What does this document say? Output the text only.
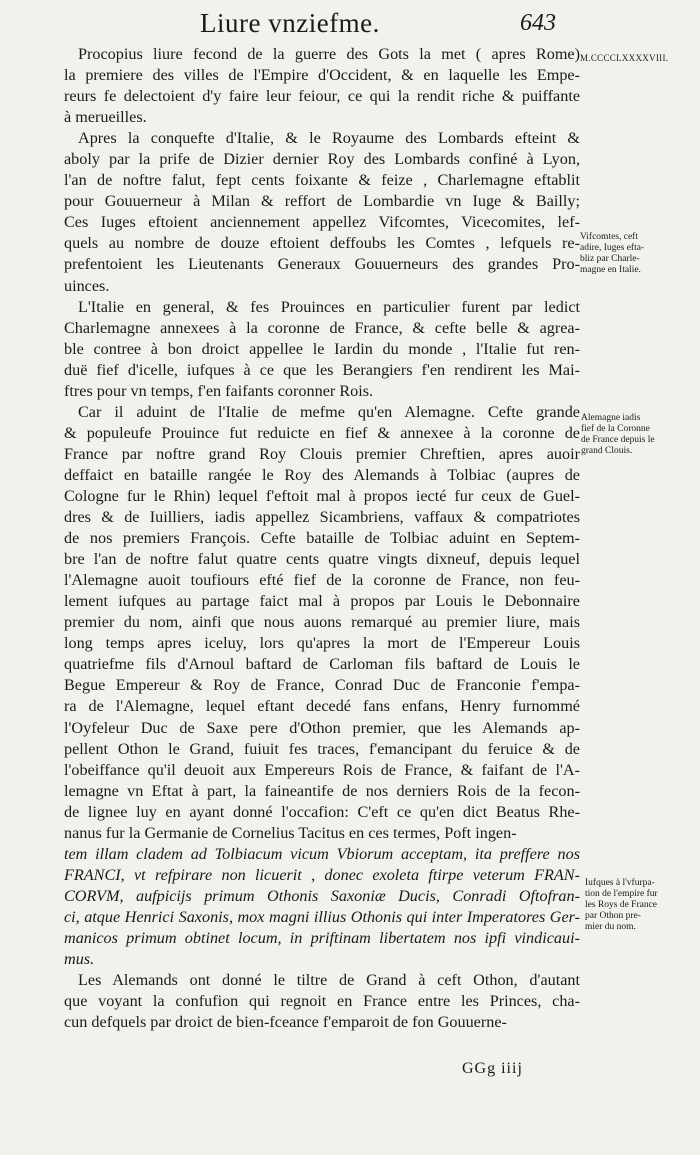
Liure vnziefme.	643
M.CCCCLXXXXVIII.
Procopius liure fecond de la guerre des Gots la met ( apres Rome)
la premiere des villes de l'Empire d'Occident, & en laquelle les Empe-
reurs fe delectoient d'y faire leur feiour, ce qui la rendit riche & puiffante
à merueilles.
Apres la conquefte d'Italie, & le Royaume des Lombards efteint &
aboly par la prife de Dizier dernier Roy des Lombards confiné à Lyon,
l'an de noftre falut, fept cents foixante & feize , Charlemagne eftablit
pour Gouuerneur à Milan & reffort de Lombardie vn Iuge & Bailly;
Ces Iuges eftoient anciennement appellez Vifcomtes, Vicecomites, lef-
quels au nombre de douze eftoient deffoubs les Comtes , lefquels re-
prefentoient les Lieutenants Generaux Gouuerneurs des grandes Pro-
uinces.
L'Italie en general, & fes Prouinces en particulier furent par ledict
Charlemagne annexees à la coronne de France, & cefte belle & agrea-
ble contree à bon droict appellee le Iardin du monde , l'Italie fut ren-
duë fief d'icelle, iufques à ce que les Berangiers f'en rendirent les Mai-
ftres pour vn temps, f'en faifants coronner Rois.
Car il aduint de l'Italie de mefme qu'en Alemagne. Cefte grande
& populeufe Prouince fut reduicte en fief & annexee à la coronne de
France par noftre grand Roy Clouis premier Chreftien, apres auoir
deffaict en bataille rangée le Roy des Alemands à Tolbiac (aupres de
Cologne fur le Rhin) lequel f'eftoit mal à propos iecté fur ceux de Guel-
dres & de Iuilliers, iadis appellez Sicambriens, vaffaux & compatriotes
de nos premiers François. Cefte bataille de Tolbiac aduint en Septem-
bre l'an de noftre falut quatre cents quatre vingts dixneuf, depuis lequel
l'Alemagne auoit toufiours efté fief de la coronne de France, non feu-
lement iufques au partage faict mal à propos par Louis le Debonnaire
premier du nom, ainfi que nous auons remarqué au premier liure, mais
long temps apres iceluy, lors qu'apres la mort de l'Empereur Louis
quatriefme fils d'Arnoul baftard de Carloman fils baftard de Louis le
Begue Empereur & Roy de France, Conrad Duc de Franconie f'empa-
ra de l'Alemagne, lequel eftant decedé fans enfans, Henry furnommé
l'Oyfeleur Duc de Saxe pere d'Othon premier, que les Alemands ap-
pellent Othon le Grand, fuiuit fes traces, f'emancipant du feruice & de
l'obeiffance qu'il deuoit aux Empereurs Rois de France, & faifant de l'A-
lemagne vn Eftat à part, la faineantife de nos derniers Rois de la fecon-
de lignee luy en ayant donné l'occafion: C'eft ce qu'en dict Beatus Rhe-
nanus fur la Germanie de Cornelius Tacitus en ces termes, Poft ingen-
tem illam cladem ad Tolbiacum vicum Vbiorum acceptam, ita preffere nos
FRANCI, vt refpirare non licuerit , donec exoleta ftirpe veterum FRAN-
CORVM, aufpicijs primum Othonis Saxoniæ Ducis, Conradi Oftofran-
ci, atque Henrici Saxonis, mox magni illius Othonis qui inter Imperatores Ger-
manicos primum obtinet locum, in priftinam libertatem nos ipfi vindicaui-
mus.
Les Alemands ont donné le tiltre de Grand à ceft Othon, d'autant
que voyant la confufion qui regnoit en France entre les Princes, cha-
cun defquels par droict de bien-fceance f'emparoit de fon Gouuerne-
Vifcomtes, ceft
adire, Iuges efta-
bliz par Charle-
magne en Italie.
Alemagne iadis
fief de la Coronne
de France depuis le
grand Clouis.
Iufques à l'vfurpa-
tion de l'empire fur
les Roys de France
par Othon pre-
mier du nom.
GGg iiij
